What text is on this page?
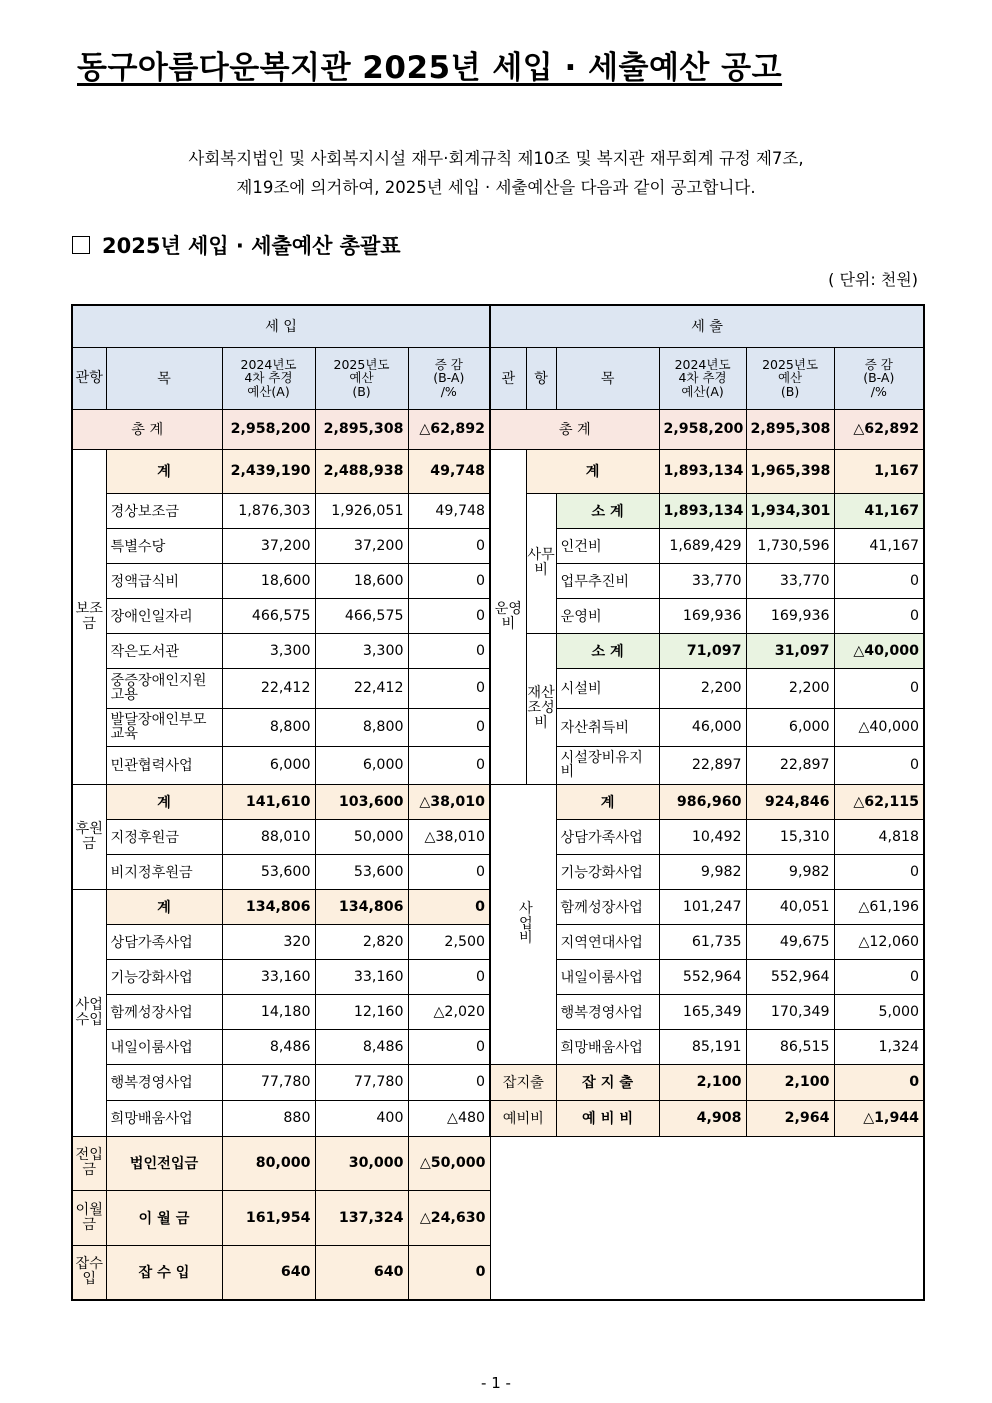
동구아름다운복지관 2025년 세입 · 세출예산 공고
사회복지법인 및 사회복지시설 재무·회계규칙 제10조 및 복지관 재무회계 규정 제7조,
제19조에 의거하여, 2025년 세입 · 세출예산을 다음과 같이 공고합니다.
2025년 세입 · 세출예산 총괄표
( 단위: 천원)
세 입					세 출					
관항	목	2024년도
4차 추경
예산(A)	2025년도
예산
(B)	증 감
(B-A)
/%	관	항	목	2024년도
4차 추경
예산(A)	2025년도
예산
(B)	증 감
(B-A)
/%
총 계		2,958,200	2,895,308	△62,892	총 계			2,958,200	2,895,308	△62,892
보조금	계	2,439,190	2,488,938	49,748	운영비	계		1,893,134	1,965,398	1,167
	경상보조금	1,876,303	1,926,051	49,748		사무비	소 계	1,893,134	1,934,301	41,167
	특별수당	37,200	37,200	0			인건비	1,689,429	1,730,596	41,167
	정액급식비	18,600	18,600	0			업무추진비	33,770	33,770	0
	장애인일자리	466,575	466,575	0			운영비	169,936	169,936	0
	작은도서관	3,300	3,300	0		재산조성비	소 계	71,097	31,097	△40,000
	중증장애인지원고용	22,412	22,412	0			시설비	2,200	2,200	0
	발달장애인부모교육	8,800	8,800	0			자산취득비	46,000	6,000	△40,000
	민관협력사업	6,000	6,000	0			시설장비유지비	22,897	22,897	0
후원금	계	141,610	103,600	△38,010	사업비		계	986,960	924,846	△62,115
	지정후원금	88,010	50,000	△38,010			상담가족사업	10,492	15,310	4,818
	비지정후원금	53,600	53,600	0			기능강화사업	9,982	9,982	0
사업수입	계	134,806	134,806	0			함께성장사업	101,247	40,051	△61,196
	상담가족사업	320	2,820	2,500			지역연대사업	61,735	49,675	△12,060
	기능강화사업	33,160	33,160	0			내일이룸사업	552,964	552,964	0
	함께성장사업	14,180	12,160	△2,020			행복경영사업	165,349	170,349	5,000
	내일이룸사업	8,486	8,486	0			희망배움사업	85,191	86,515	1,324
	행복경영사업	77,780	77,780	0	잡지출		잡 지 출	2,100	2,100	0
	희망배움사업	880	400	△480	예비비		예 비 비	4,908	2,964	△1,944
전입금	법인전입금	80,000	30,000	△50,000						
이월금	이 월 금	161,954	137,324	△24,630						
잡수입	잡 수 입	640	640	0						
- 1 -
